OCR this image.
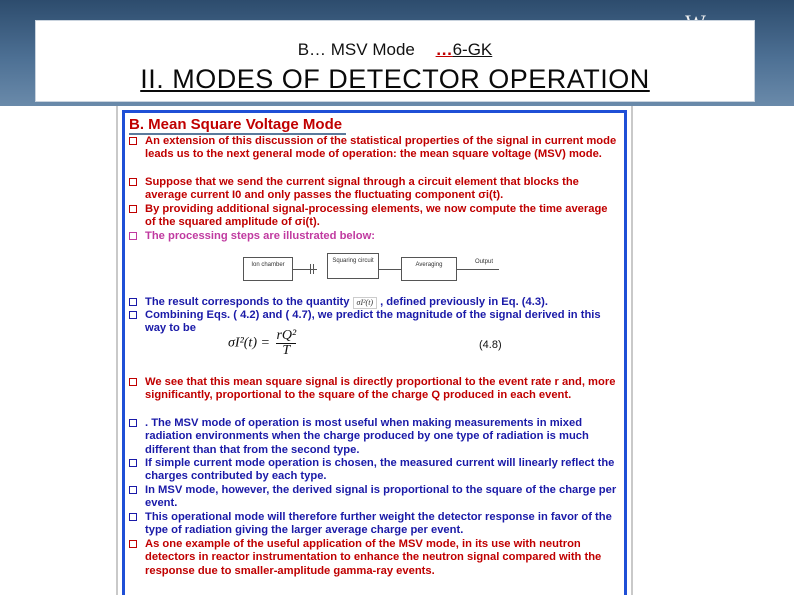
B… MSV Mode …6-GK
II. MODES OF DETECTOR OPERATION
B. Mean Square Voltage Mode
An extension of this discussion of the statistical properties of the signal in current mode leads us to the next general mode of operation: the mean square voltage (MSV) mode.
Suppose that we send the current signal through a circuit element that blocks the average current I0 and only passes the fluctuating component σi(t).
By providing additional signal-processing elements, we now compute the time average of the squared amplitude of σi(t).
The processing steps are illustrated below:
Ion chamber
Squaring circuit
Averaging	Output
The result corresponds to the quantity σI²(t) , defined previously in Eq. (4.3).
Combining Eqs. ( 4.2) and ( 4.7), we predict the magnitude of the signal derived in this way to be
$\sigma I^2(t) = \frac{\text{rQ²}}{T}$	(4.8)
We see that this mean square signal is directly proportional to the event rate r and, more significantly, proportional to the square of the charge Q produced in each event.
. The MSV mode of operation is most useful when making measurements in mixed radiation environments when the charge produced by one type of radiation is much different than that from the second type.
If simple current mode operation is chosen, the measured current will linearly reflect the charges contributed by each type.
In MSV mode, however, the derived signal is proportional to the square of the charge per event.
This operational mode will therefore further weight the detector response in favor of the type of radiation giving the larger average charge per event.
As one example of the useful application of the MSV mode, in its use with neutron detectors in reactor instrumentation to enhance the neutron signal compared with the response due to smaller-amplitude gamma-ray events.
